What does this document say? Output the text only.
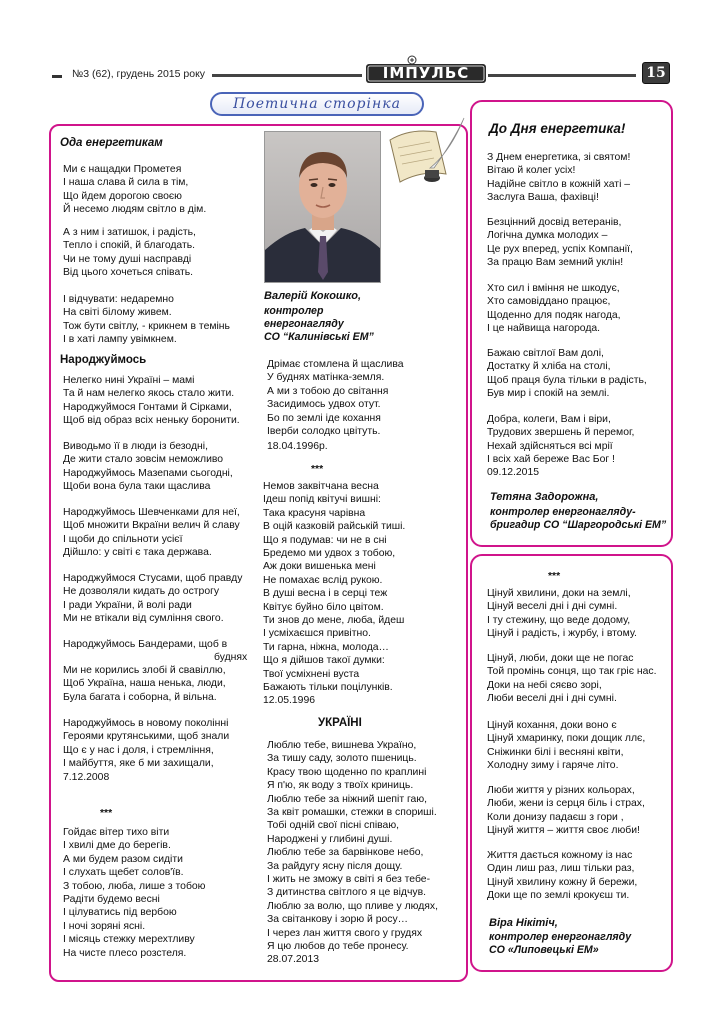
№3 (62), грудень 2015 року	ІМПУЛЬС	15
Поетична сторінка
Ода енергетикам
Ми є нащадки Прометея
І наша слава й сила в тім,
Що йдем дорогою своєю
Й несемо людям світло в дім.
А з ним і затишок, і радість,
Тепло і спокій, й благодать.
Чи не тому душі насправді
Від цього хочеться співать.
І відчувати: недаремно
На світі білому живем.
Тож бути світлу, - крикнем в темінь
І в хаті лампу увімкнем.
Народжуймось
Нелегко нині Україні – мамі
Та й нам нелегко якось стало жити.
Народжуймося Гонтами й Сірками,
Щоб від образ всіх неньку боронити.
Виводьмо її в люди із безодні,
Де жити стало зовсім неможливо
Народжуймось Мазепами сьогодні,
Щоби вона була таки щаслива
Народжуймось Шевченками для неї,
Щоб множити Вкраїни велич й славу
І щоби до спільноти усієї
Дійшло: у світі є така держава.
Народжуймося Стусами, щоб правду
Не дозволяли кидать до острогу
І ради України, й волі ради
Ми не втікали від сумління свого.
Народжуймось Бандерами, щоб в
буднях
Ми не корились злобі й свавіллю,
Щоб Україна, наша ненька, люди,
Була багата і соборна, й вільна.
Народжуймось в новому поколінні
Героями крутянськими, щоб знали
Що є у нас і доля, і стремління,
І майбуття, яке б ми захищали,
7.12.2008
***
Гойдає вітер тихо віти
І хвилі дме до берегів.
А ми будем разом сидіти
І слухать щебет солов'їв.
З тобою, люба, лише з тобою
Радіти будемо весні
І цілуватись під вербою
І ночі зоряні ясні.
І місяць стежку мерехтливу
На чисте плесо розстеля.
Валерій Кокошко,
контролер
енергонагляду
СО “Калинівські ЕМ”
Дрімає стомлена й щаслива
У буднях матінка-земля.
А ми з тобою до світання
Засидимось удвох отут.
Бо по землі іде кохання
Іверби солодко цвітуть.
18.04.1996р.
***
Немов заквітчана весна
Ідеш попід квітучі вишні:
Така красуня чарівна
В оцій казковій райській тиші.
Що я подумав: чи не в сні
Бредемо ми удвох з тобою,
Аж доки вишенька мені
Не помахає вслід рукою.
В душі весна і в серці теж
Квітує буйно біло цвітом.
Ти знов до мене, люба, йдеш
І усміхаєшся привітно.
Ти гарна, ніжна, молода…
Що я дійшов такої думки:
Твої усміхнені вуста
Бажають тільки поцілунків.
12.05.1996
УКРАЇНІ
Люблю тебе, вишнева Україно,
За тишу саду, золото пшениць.
Красу твою щоденно по краплині
Я п'ю, як воду з твоїх криниць.
Люблю тебе за ніжний шепіт гаю,
За квіт ромашки, стежки в спориші.
Тобі одній свої пісні співаю,
Народжені у глибині душі.
Люблю тебе за барвінкове небо,
За райдугу ясну після дощу.
І жить не зможу в світі я без тебе-
З дитинства світлого я це відчув.
Люблю за волю, що пливе у людях,
За світанкову і зорю й росу…
І через лан життя свого у грудях
Я цю любов до тебе пронесу.
28.07.2013
До Дня енергетика!
З Днем енергетика, зі святом!
Вітаю й колег усіх!
Надійне світло в кожній хаті –
Заслуга Ваша, фахівці!
Безцінний досвід ветеранів,
Логічна думка молодих –
Це рух вперед, успіх Компанії,
За працю Вам земний уклін!
Хто сил і вміння не шкодує,
Хто самовіддано працює,
Щоденно для подяк нагода,
І це найвища нагорода.
Бажаю світлої Вам долі,
Достатку й хліба на столі,
Щоб праця була тільки в радість,
Був мир і спокій на землі.
Добра, колеги, Вам і віри,
Трудових звершень й перемог,
Нехай здійсняться всі мрії
І всіх хай береже Вас Бог !
09.12.2015
Тетяна Задорожна,
контролер енергонагляду-
бригадир СО “Шаргородські ЕМ”
***
Цінуй хвилини, доки на землі,
Цінуй веселі дні і дні сумні.
І ту стежину, що веде додому,
Цінуй і радість, і журбу, і втому.
Цінуй, люби, доки ще не погас
Той промінь сонця, що так гріє нас.
Доки на небі сяєво зорі,
Люби веселі дні і дні сумні.
Цінуй кохання, доки воно є
Цінуй хмаринку, поки дощик ллє,
Сніжинки білі і весняні квіти,
Холодну зиму і гаряче літо.
Люби життя у різних кольорах,
Люби, жени із серця біль і страх,
Коли донизу падаєш з гори ,
Цінуй життя – життя своє люби!
Життя дається кожному із нас
Один лиш раз, лиш тільки раз,
Цінуй хвилину кожну й бережи,
Доки ще по землі крокуєш ти.
Віра Нікітіч,
контролер енергонагляду
СО «Липовецькі ЕМ»
